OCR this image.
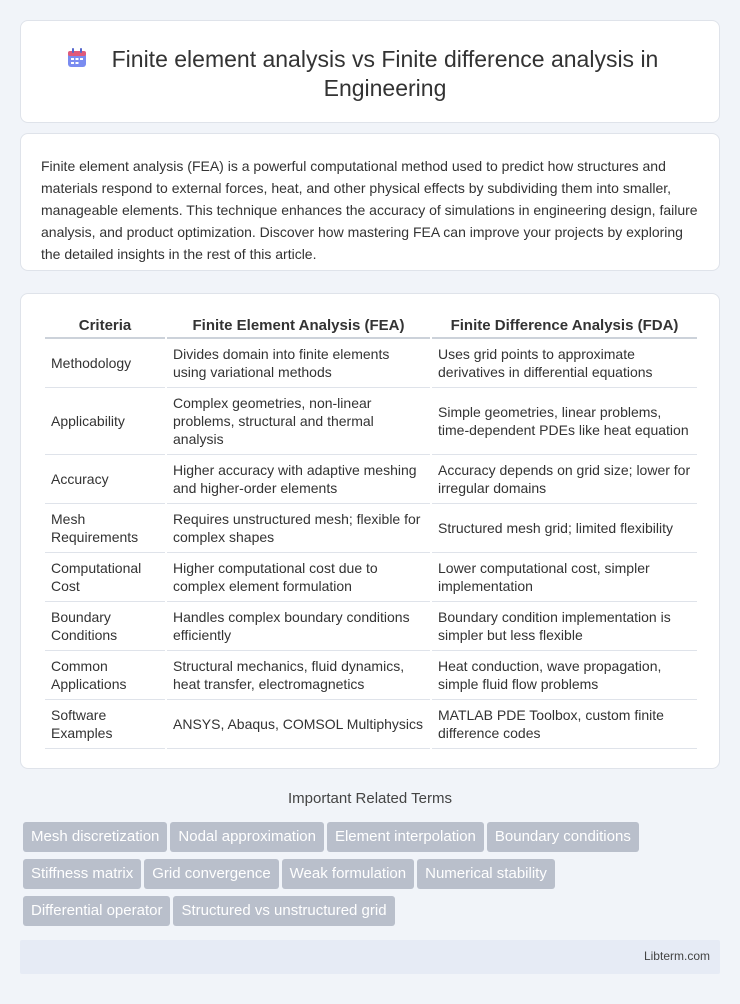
Finite element analysis vs Finite difference analysis in Engineering

Finite element analysis (FEA) is a powerful computational method used to predict how structures and materials respond to external forces, heat, and other physical effects by subdividing them into smaller, manageable elements. This technique enhances the accuracy of simulations in engineering design, failure analysis, and product optimization. Discover how mastering FEA can improve your projects by exploring the detailed insights in the rest of this article.

Criteria	Finite Element Analysis (FEA)	Finite Difference Analysis (FDA)
Methodology	Divides domain into finite elements using variational methods	Uses grid points to approximate derivatives in differential equations
Applicability	Complex geometries, non-linear problems, structural and thermal analysis	Simple geometries, linear problems, time-dependent PDEs like heat equation
Accuracy	Higher accuracy with adaptive meshing and higher-order elements	Accuracy depends on grid size; lower for irregular domains
Mesh Requirements	Requires unstructured mesh; flexible for complex shapes	Structured mesh grid; limited flexibility
Computational Cost	Higher computational cost due to complex element formulation	Lower computational cost, simpler implementation
Boundary Conditions	Handles complex boundary conditions efficiently	Boundary condition implementation is simpler but less flexible
Common Applications	Structural mechanics, fluid dynamics, heat transfer, electromagnetics	Heat conduction, wave propagation, simple fluid flow problems
Software Examples	ANSYS, Abaqus, COMSOL Multiphysics	MATLAB PDE Toolbox, custom finite difference codes
Important Related Terms
Mesh discretization Nodal approximation Element interpolation Boundary conditions
Stiffness matrix Grid convergence Weak formulation Numerical stability
Differential operator Structured vs unstructured grid
Libterm.com
